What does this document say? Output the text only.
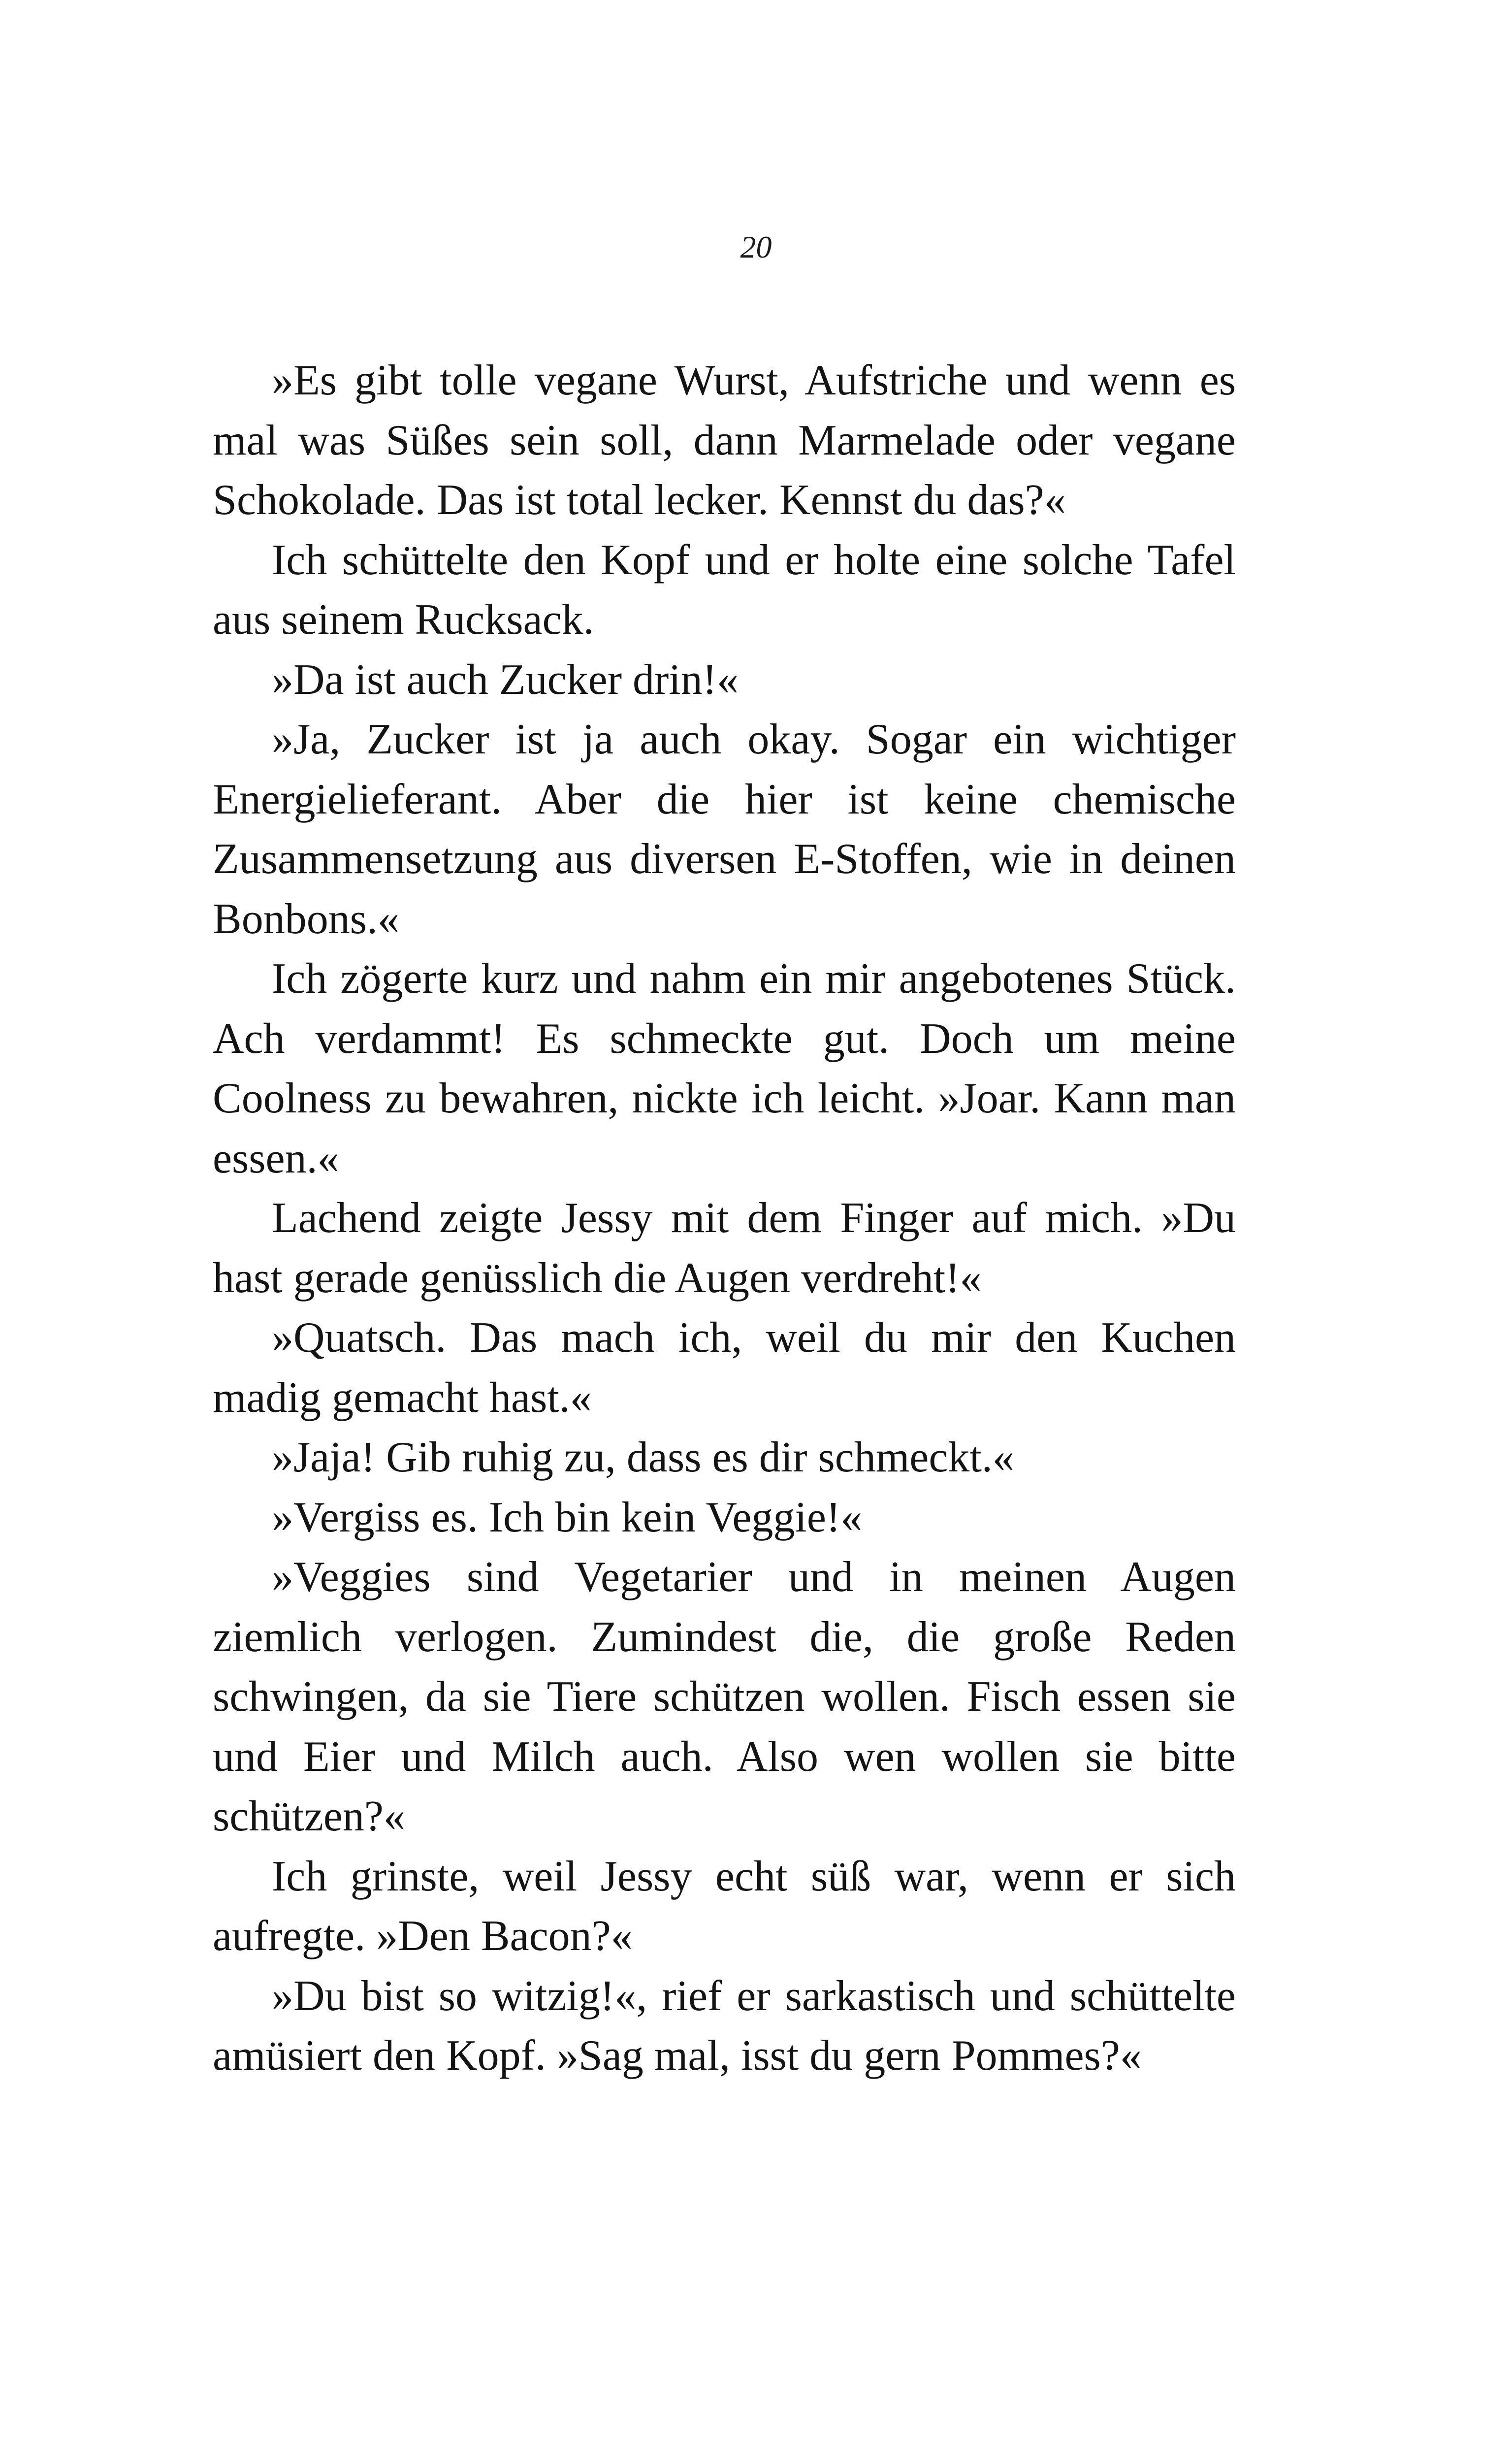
20

»Es gibt tolle vegane Wurst, Aufstriche und wenn es mal was Süßes sein soll, dann Marmelade oder vegane Schokolade. Das ist total lecker. Kennst du das?«

Ich schüttelte den Kopf und er holte eine solche Tafel aus seinem Rucksack.

»Da ist auch Zucker drin!«

»Ja, Zucker ist ja auch okay. Sogar ein wichtiger Energielieferant. Aber die hier ist keine chemische Zusammensetzung aus diversen E-Stoffen, wie in deinen Bonbons.«

Ich zögerte kurz und nahm ein mir angebotenes Stück. Ach verdammt! Es schmeckte gut. Doch um meine Coolness zu bewahren, nickte ich leicht. »Joar. Kann man essen.«

Lachend zeigte Jessy mit dem Finger auf mich. »Du hast gerade genüsslich die Augen verdreht!«

»Quatsch. Das mach ich, weil du mir den Kuchen madig gemacht hast.«

»Jaja! Gib ruhig zu, dass es dir schmeckt.«

»Vergiss es. Ich bin kein Veggie!«

»Veggies sind Vegetarier und in meinen Augen ziemlich verlogen. Zumindest die, die große Reden schwingen, da sie Tiere schützen wollen. Fisch essen sie und Eier und Milch auch. Also wen wollen sie bitte schützen?«

Ich grinste, weil Jessy echt süß war, wenn er sich aufregte. »Den Bacon?«

»Du bist so witzig!«, rief er sarkastisch und schüttelte amüsiert den Kopf. »Sag mal, isst du gern Pommes?«
